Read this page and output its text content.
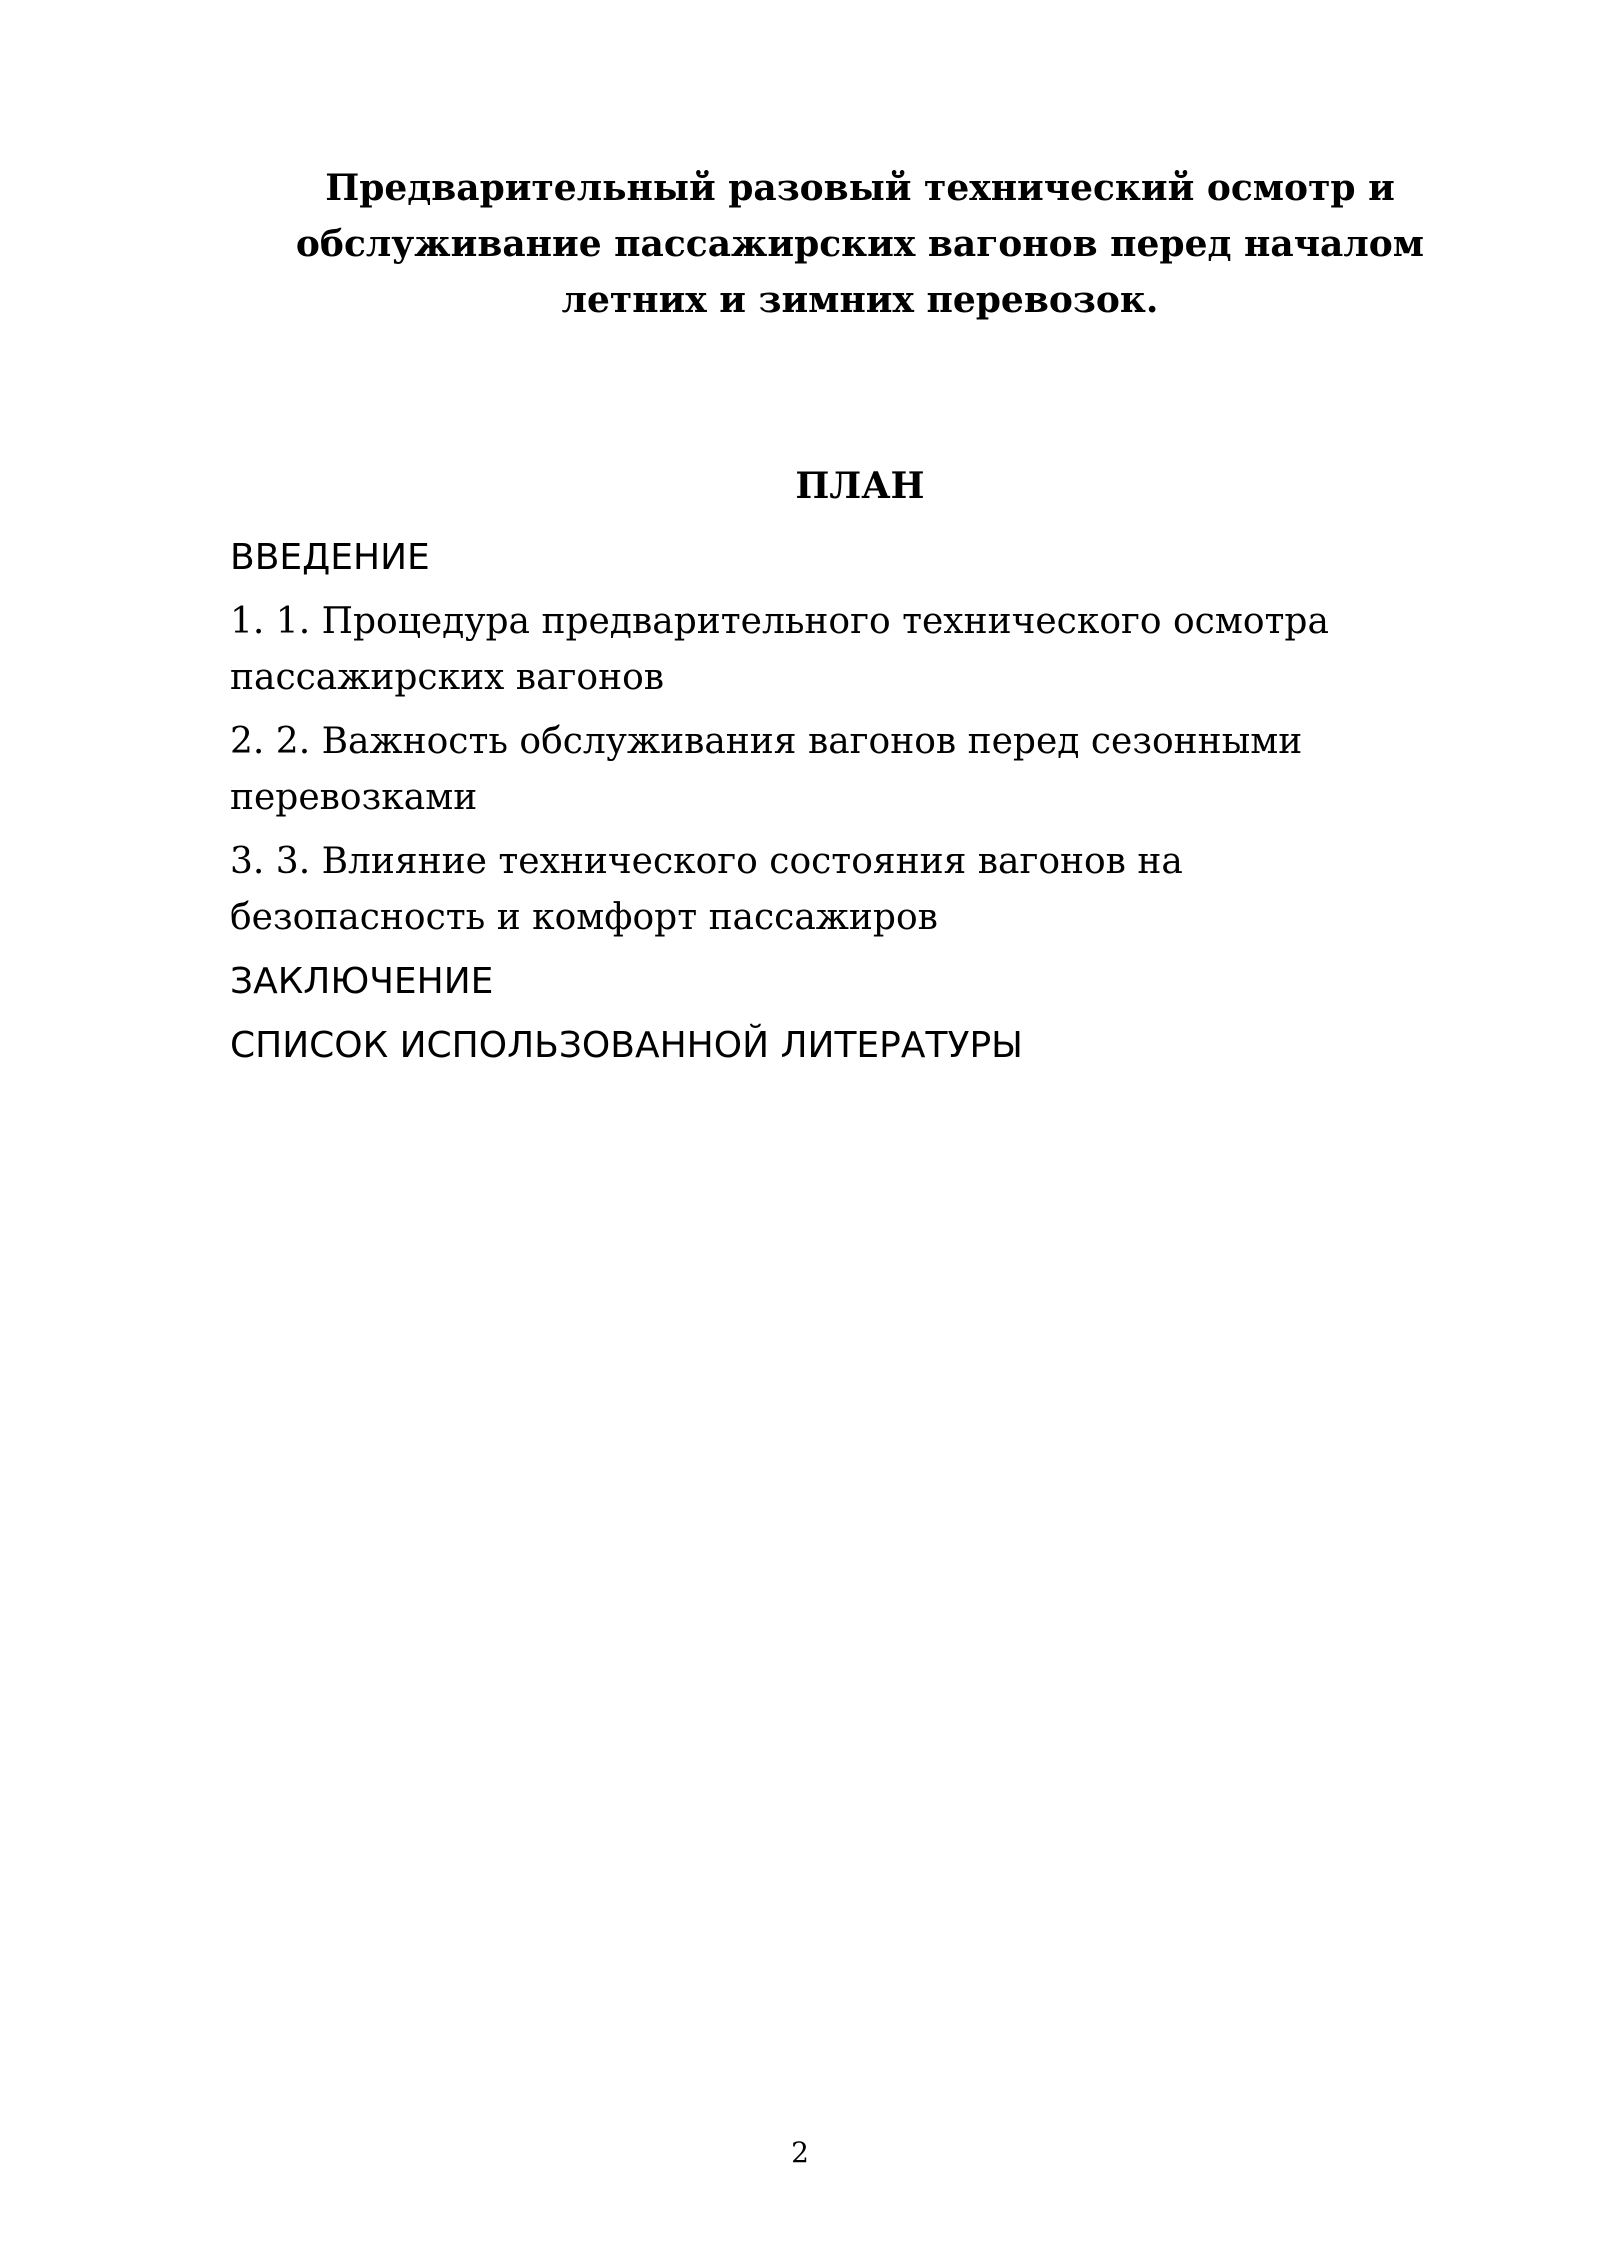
Предварительный разовый технический осмотр и
обслуживание пассажирских вагонов перед началом
летних и зимних перевозок.
ПЛАН
ВВЕДЕНИЕ
1. 1. Процедура предварительного технического осмотра
пассажирских вагонов
2. 2. Важность обслуживания вагонов перед сезонными
перевозками
3. 3. Влияние технического состояния вагонов на
безопасность и комфорт пассажиров
ЗАКЛЮЧЕНИЕ
СПИСОК ИСПОЛЬЗОВАННОЙ ЛИТЕРАТУРЫ
2
